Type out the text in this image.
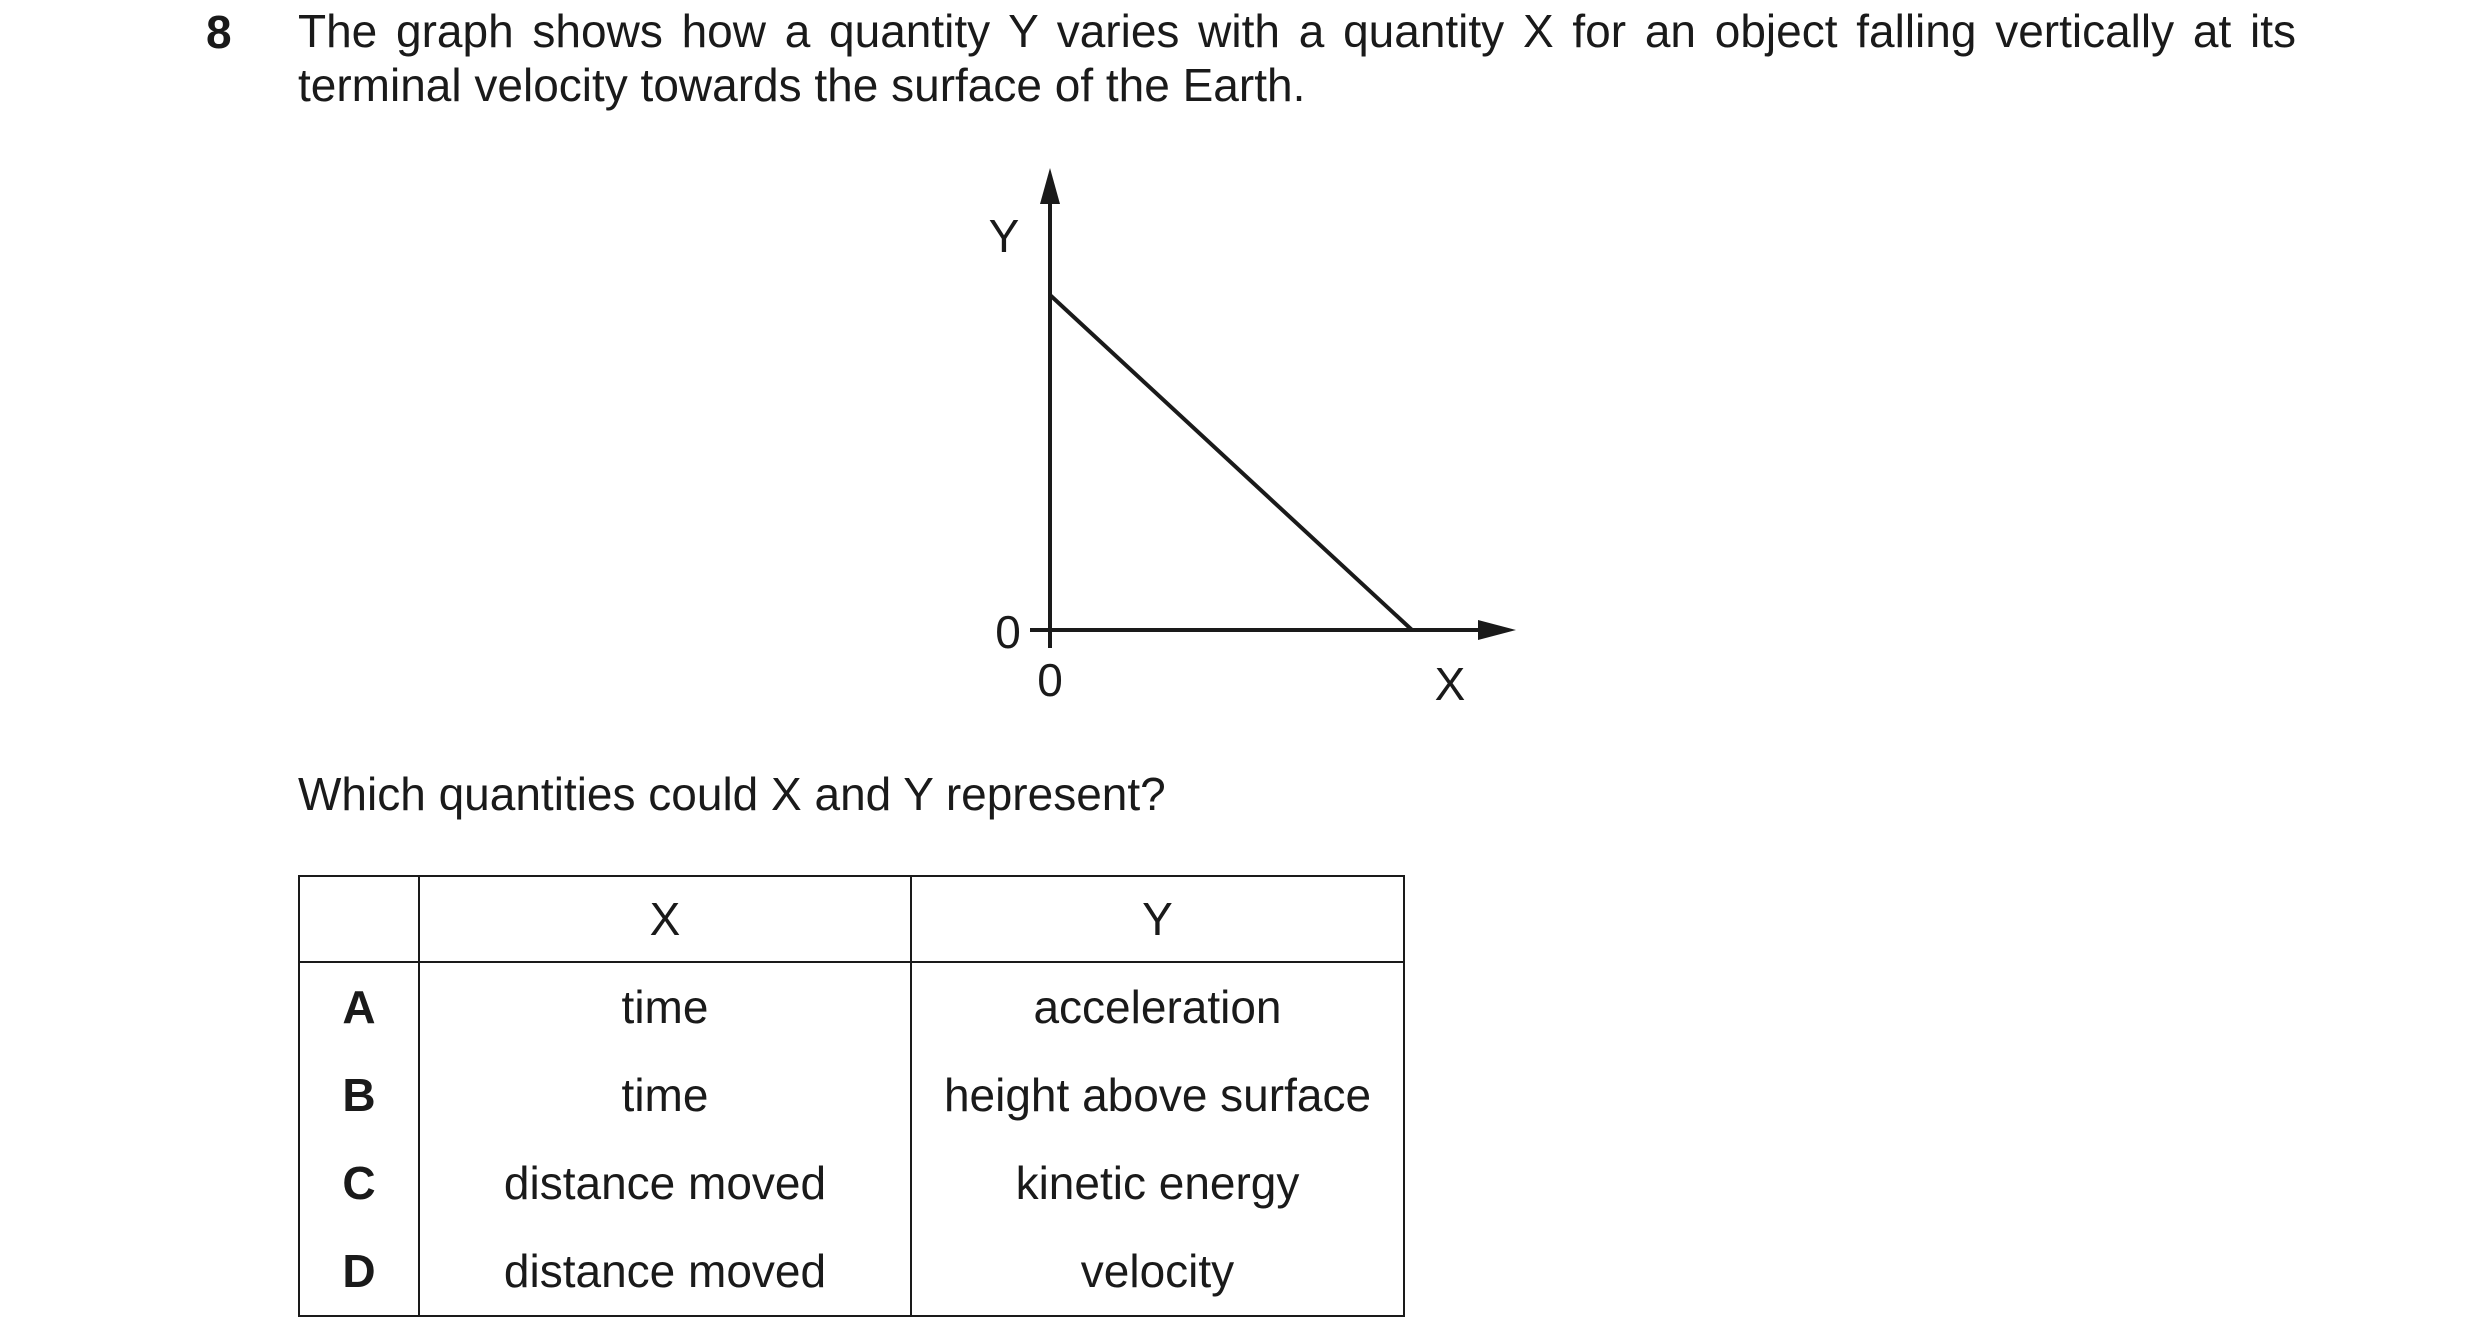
8 The graph shows how a quantity Y varies with a quantity X for an object falling vertically at its terminal velocity towards the surface of the Earth.
Y
X
0
0
Which quantities could X and Y represent?
	X	Y
A	time	acceleration
B	time	height above surface
C	distance moved	kinetic energy
D	distance moved	velocity
